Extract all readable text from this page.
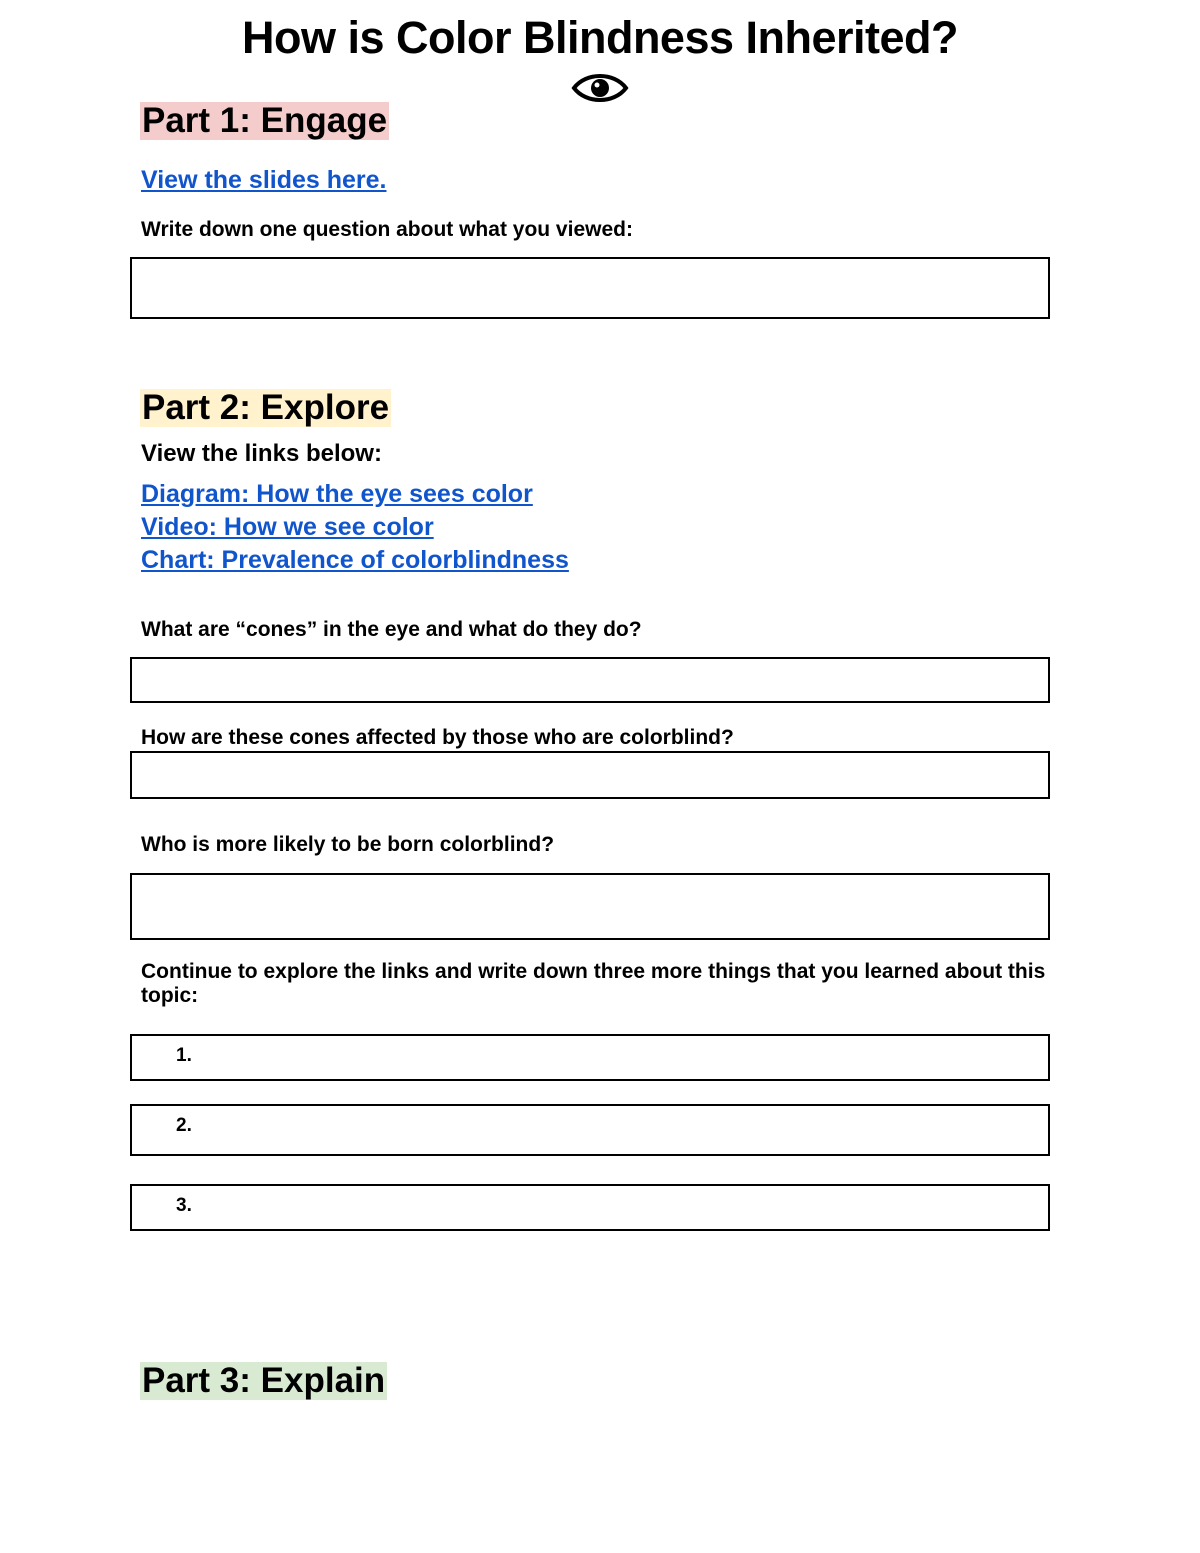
How is Color Blindness Inherited?
Part 1: Engage
View the slides here.

Write down one question about what you viewed:

Part 2: Explore

View the links below:

Diagram: How the eye sees color
Video: How we see color
Chart: Prevalence of colorblindness

What are “cones” in the eye and what do they do?

How are these cones affected by those who are colorblind?

Who is more likely to be born colorblind?

Continue to explore the links and write down three more things that you learned about this topic:

1.
2.
3.
Part 3: Explain
